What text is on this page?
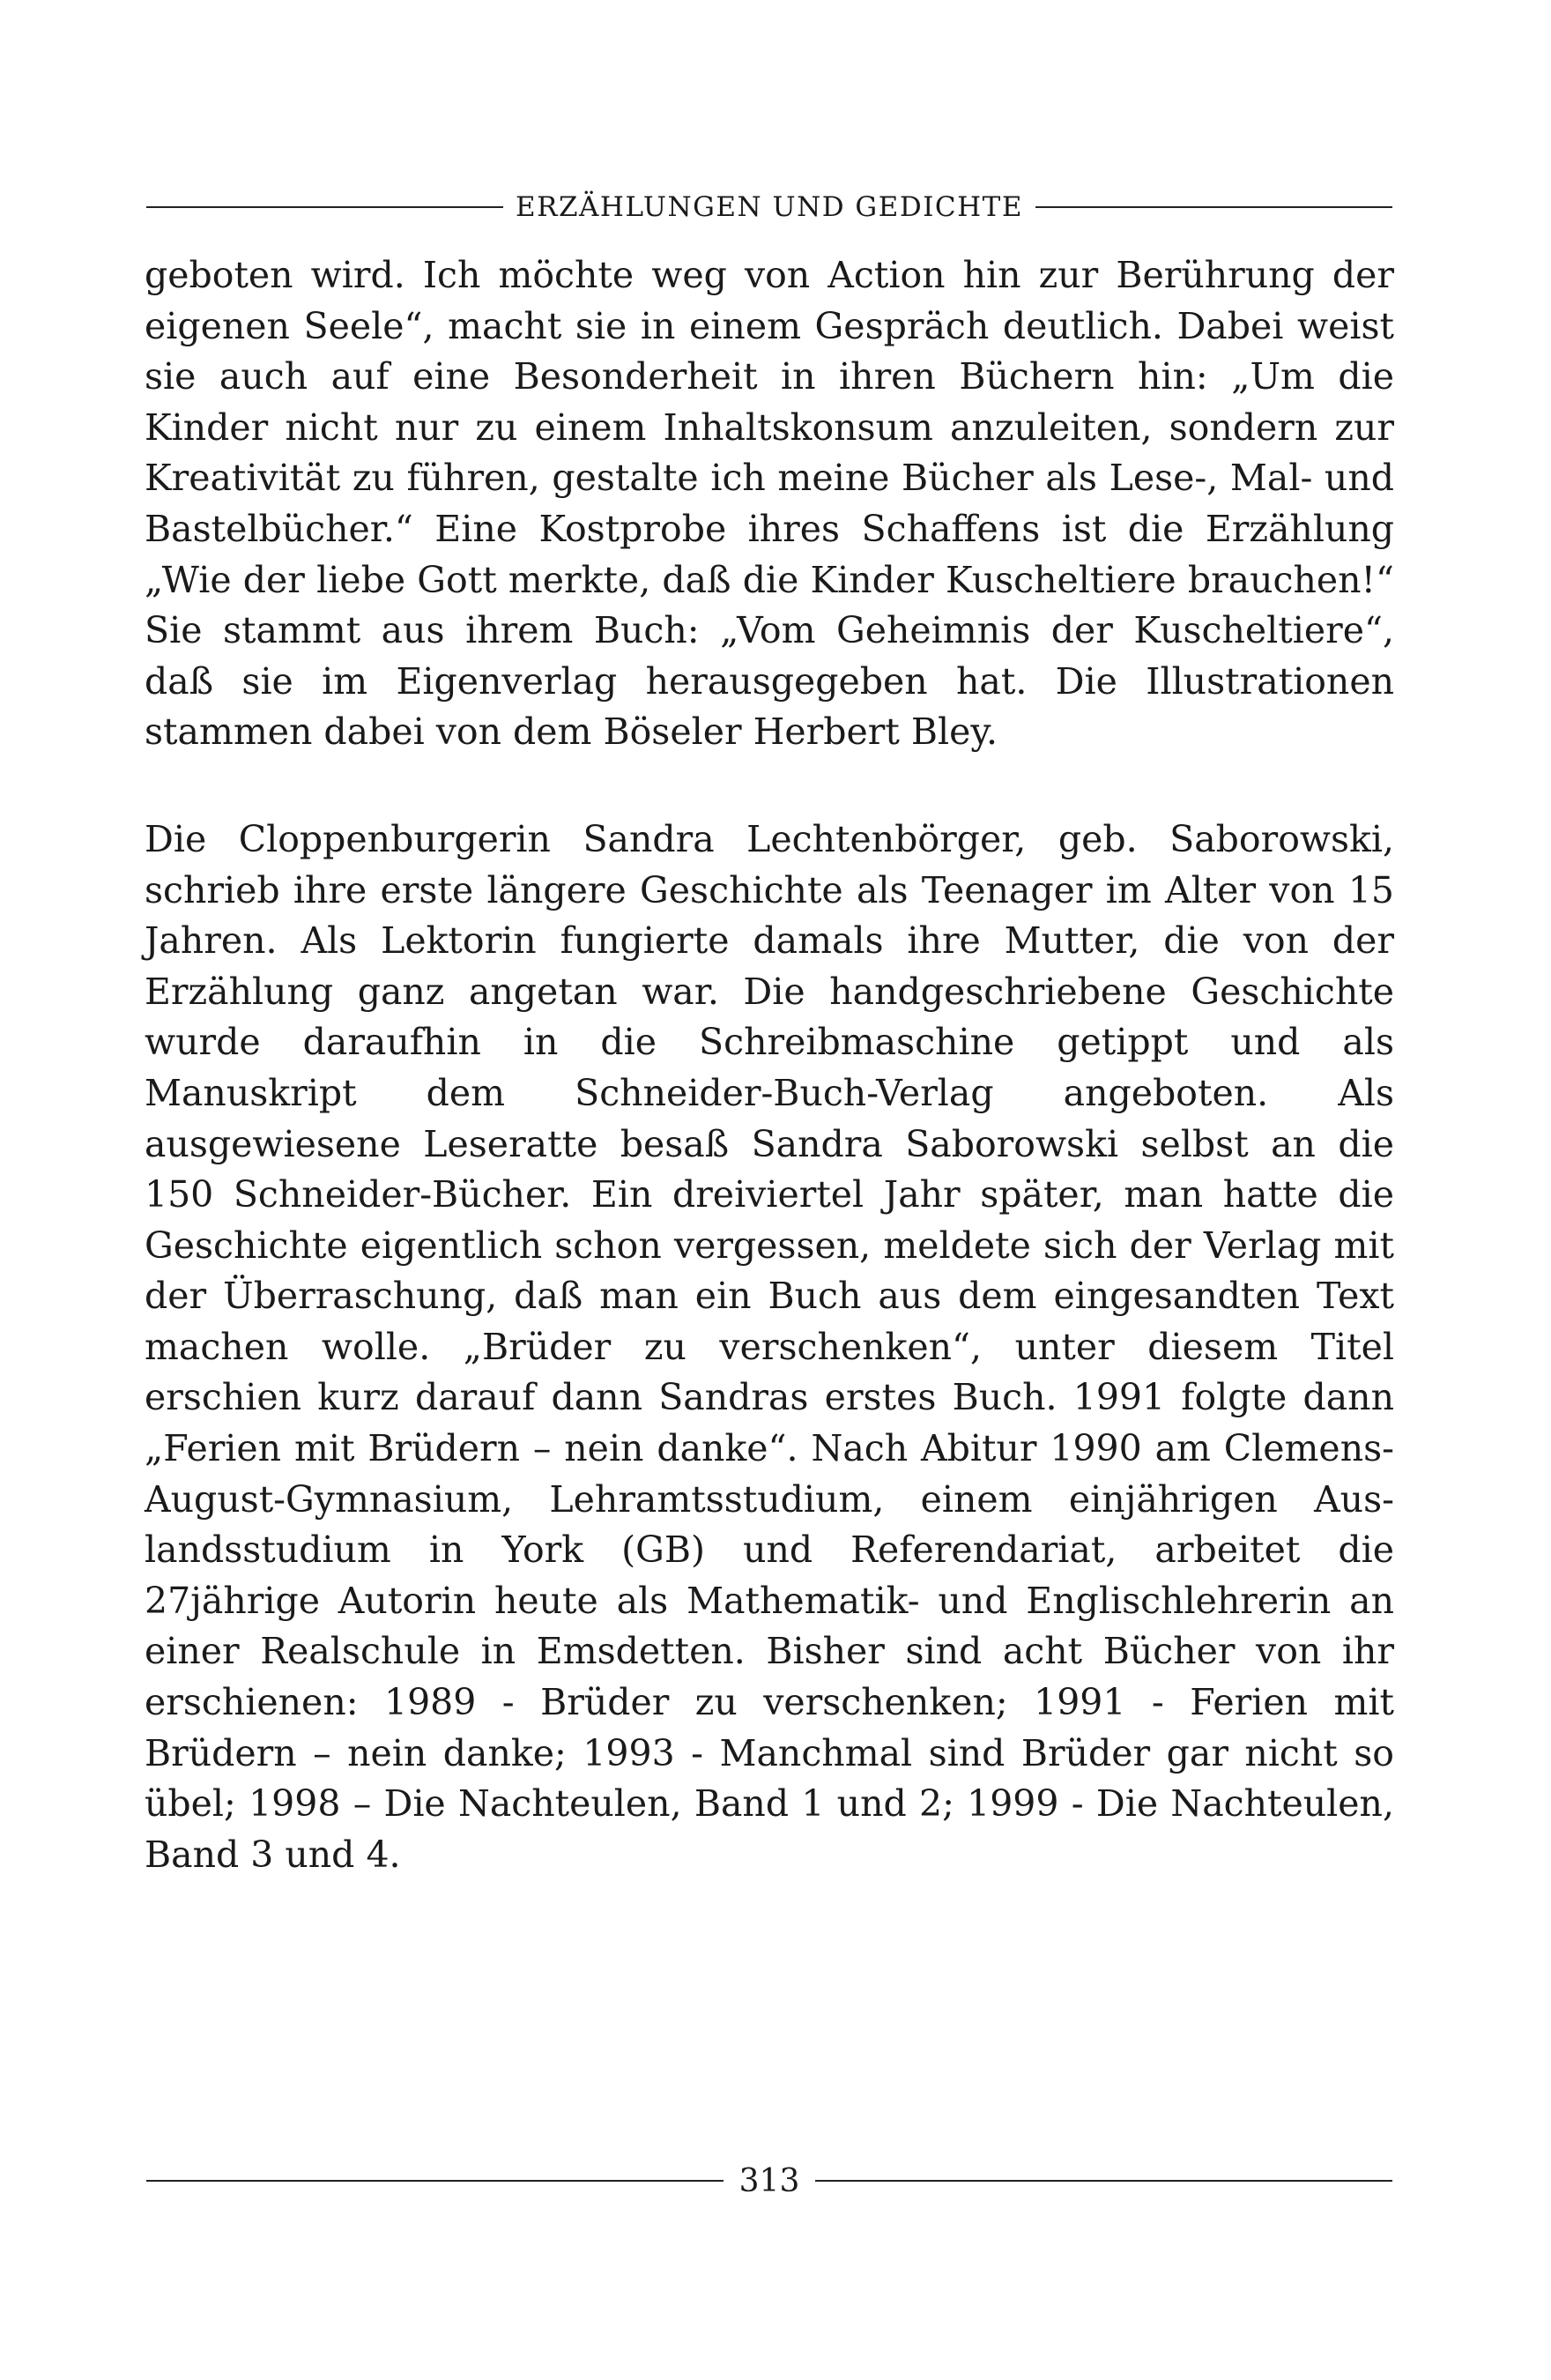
ERZÄHLUNGEN UND GEDICHTE

geboten wird. Ich möchte weg von Action hin zur Berührung der eigenen Seele“, macht sie in einem Gespräch deutlich. Dabei weist sie auch auf eine Besonderheit in ihren Büchern hin: „Um die Kinder nicht nur zu einem Inhaltskonsum anzuleiten, sondern zur Kreativität zu führen, gestalte ich meine Bücher als Lese-, Mal- und Bastelbücher.“ Eine Kostprobe ihres Schaffens ist die Erzählung „Wie der liebe Gott merkte, daß die Kinder Kuscheltiere brauchen!“ Sie stammt aus ihrem Buch: „Vom Geheimnis der Kuscheltiere“, daß sie im Eigenverlag herausgegeben hat. Die Illustrationen stammen dabei von dem Böseler Herbert Bley.

Die Cloppenburgerin Sandra Lechtenbörger, geb. Saborowski, schrieb ihre erste längere Geschichte als Teenager im Alter von 15 Jahren. Als Lektorin fungierte damals ihre Mutter, die von der Erzählung ganz angetan war. Die handgeschriebene Geschichte wurde daraufhin in die Schreibmaschine getippt und als Manuskript dem Schneider-Buch-Verlag angeboten. Als ausgewiesene Leseratte besaß Sandra Saborowski selbst an die 150 Schneider-Bücher. Ein dreiviertel Jahr später, man hatte die Geschichte eigentlich schon vergessen, meldete sich der Verlag mit der Überraschung, daß man ein Buch aus dem eingesandten Text machen wolle. „Brüder zu verschenken“, unter diesem Titel erschien kurz darauf dann Sandras erstes Buch. 1991 folgte dann „Ferien mit Brüdern – nein danke“. Nach Abitur 1990 am Clemens-August-Gymnasium, Lehramtsstudium, einem einjährigen Auslandsstudium in York (GB) und Referendariat, arbeitet die 27jährige Autorin heute als Mathematik- und Englischlehrerin an einer Realschule in Emsdetten. Bisher sind acht Bücher von ihr erschienen: 1989 - Brüder zu verschenken; 1991 - Ferien mit Brüdern – nein danke; 1993 - Manchmal sind Brüder gar nicht so übel; 1998 – Die Nachteulen, Band 1 und 2; 1999 - Die Nachteulen, Band 3 und 4.

313
